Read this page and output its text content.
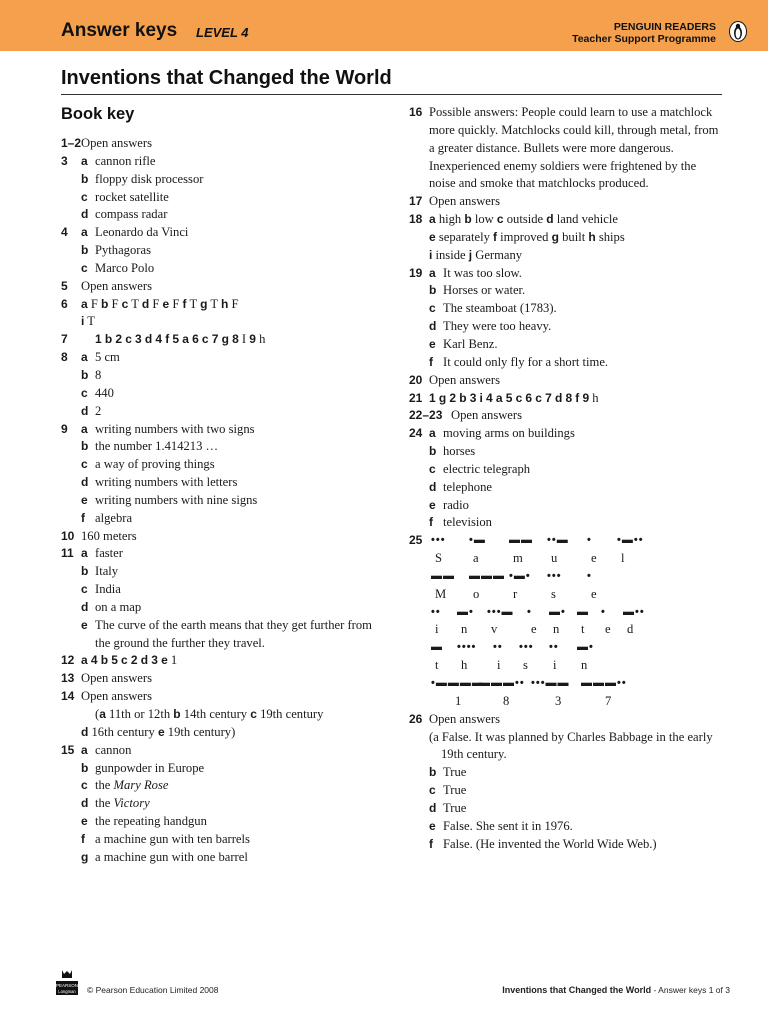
Answer keys LEVEL 4	PENGUIN READERS
Teacher Support Programme
Inventions that Changed the World
Book key
1–2 Open answers
3 a cannon rifle
b floppy disk processor
c rocket satellite
d compass radar
4 a Leonardo da Vinci
b Pythagoras
c Marco Polo
5 Open answers
6 a F b F c T d F e F f T g T h F
i T
7	1 b 2 c 3 d 4 f 5 a 6 c 7 g 8 I 9 h
8 a 5 cm
b 8
c 440
d 2
9 a writing numbers with two signs
b the number 1.414213 …
c a way of proving things
d writing numbers with letters
e writing numbers with nine signs
f algebra
10 160 meters
11 a faster
b Italy
c India
d on a map
e The curve of the earth means that they get further from the ground the further they travel.
12 a 4 b 5 c 2 d 3 e 1
13 Open answers
14 Open answers
(a 11th or 12th b 14th century c 19th century
d 16th century e 19th century)
15 a cannon
b gunpowder in Europe
c the Mary Rose
d the Victory
e the repeating handgun
f a machine gun with ten barrels
g a machine gun with one barrel
16 Possible answers: People could learn to use a matchlock more quickly. Matchlocks could kill, through metal, from a greater distance. Bullets were more dangerous. Inexperienced enemy soldiers were frightened by the noise and smoke that matchlocks produced.
17 Open answers
18 a high b low c outside d land vehicle
e separately f improved g built h ships
i inside j Germany
19 a It was too slow.
b Horses or water.
c The steamboat (1783).
d They were too heavy.
e Karl Benz.
f It could only fly for a short time.
20 Open answers
21 1 g 2 b 3 i 4 a 5 c 6 c 7 d 8 f 9 h
22–23 Open answers
24 a moving arms on buildings
b horses
c electric telegraph
d telephone
e radio
f television
25 ••• •▬ ▬▬ ••▬ • •▬••
S a	m u	e l
▬▬ ▬▬▬ •▬• ••• •
M o	r	s	e
•• ▬• •••▬ • ▬• ▬ • ▬••
i n v	e n t e d
▬ •••• •• ••• •• ▬•
t h i s i n
•▬▬▬▬
▬▬▬•• •••▬▬ ▬▬▬••
1	8	3	7
26 Open answers
(a False. It was planned by Charles Babbage in the early 19th century.
b True
c True
d True
e False. She sent it in 1976.
f False. (He invented the World Wide Web.)
PEARSON
Longman © Pearson Education Limited 2008	Inventions that Changed the World - Answer keys 1 of 3
